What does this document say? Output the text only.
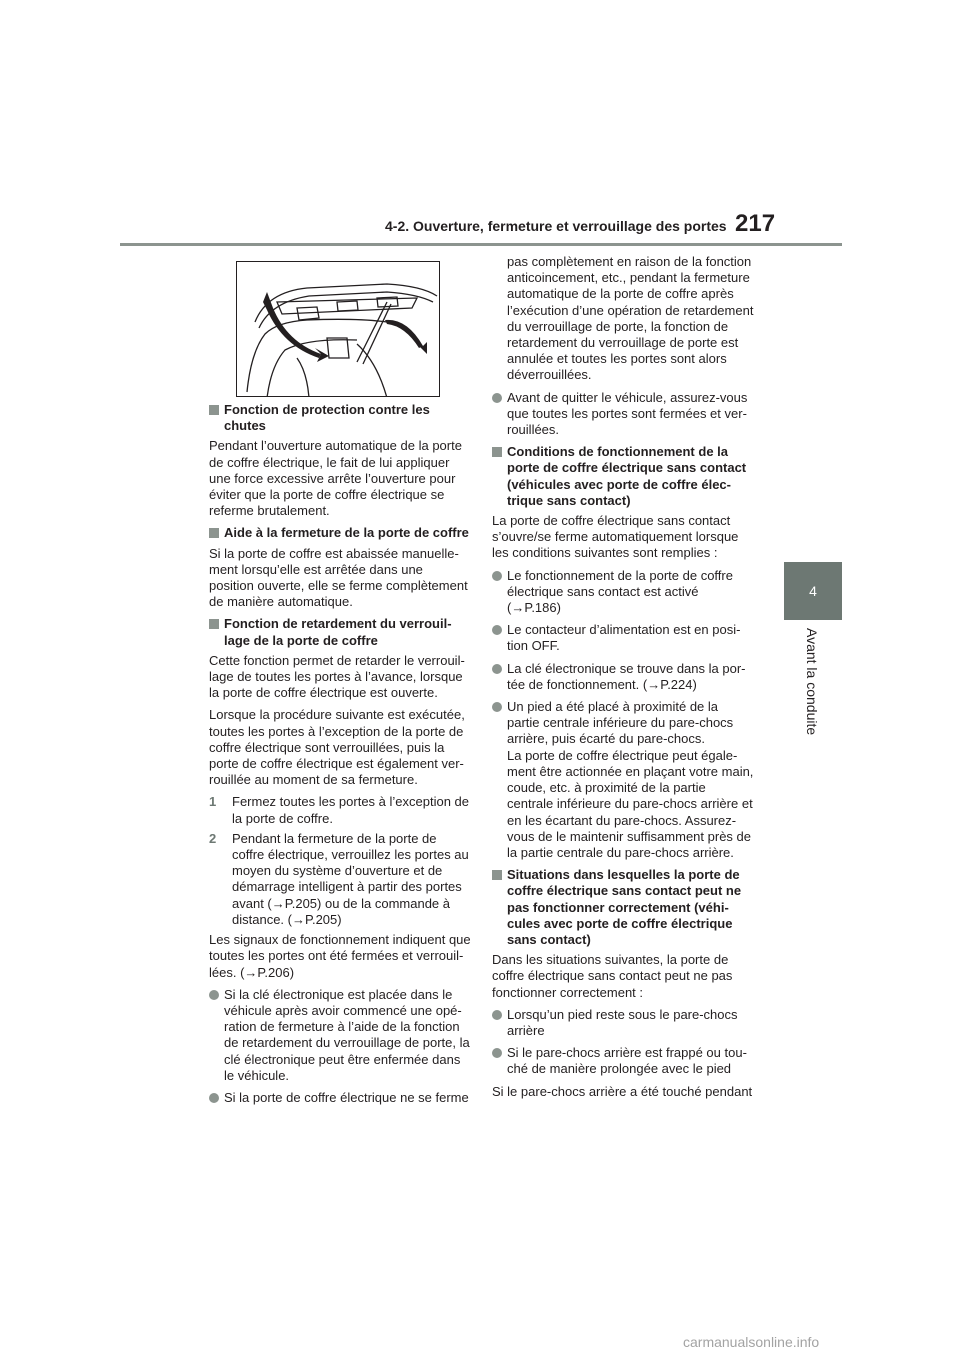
4-2. Ouverture, fermeture et verrouillage des portes 217
4
Avant la conduite
Fonction de protection contre les chutes

Pendant l’ouverture automatique de la porte de coffre électrique, le fait de lui appliquer une force excessive arrête l’ouverture pour éviter que la porte de coffre électrique se referme brutalement.

Aide à la fermeture de la porte de coffre

Si la porte de coffre est abaissée manuelle-ment lorsqu’elle est arrêtée dans une position ouverte, elle se ferme complètement de manière automatique.

Fonction de retardement du verrouil-lage de la porte de coffre

Cette fonction permet de retarder le verrouil-lage de toutes les portes à l’avance, lorsque la porte de coffre électrique est ouverte.

Lorsque la procédure suivante est exécutée, toutes les portes à l’exception de la porte de coffre électrique sont verrouillées, puis la porte de coffre électrique est également ver-rouillée au moment de sa fermeture.

1 Fermez toutes les portes à l’exception de la porte de coffre.
2 Pendant la fermeture de la porte de coffre électrique, verrouillez les portes au moyen du système d’ouverture et de démarrage intelligent à partir des portes avant (→P.205) ou de la commande à distance. (→P.205)

Les signaux de fonctionnement indiquent que toutes les portes ont été fermées et verrouil-lées. (→P.206)

Si la clé électronique est placée dans le véhicule après avoir commencé une opé-ration de fermeture à l’aide de la fonction de retardement du verrouillage de porte, la clé électronique peut être enfermée dans le véhicule.
Si la porte de coffre électrique ne se ferme

pas complètement en raison de la fonction anticoincement, etc., pendant la fermeture automatique de la porte de coffre après l’exécution d’une opération de retardement du verrouillage de porte, la fonction de retardement du verrouillage de porte est annulée et toutes les portes sont alors déverrouillées.

Avant de quitter le véhicule, assurez-vous que toutes les portes sont fermées et ver-rouillées.
Conditions de fonctionnement de la porte de coffre électrique sans contact (véhicules avec porte de coffre élec-trique sans contact)

La porte de coffre électrique sans contact s’ouvre/se ferme automatiquement lorsque les conditions suivantes sont remplies :

Le fonctionnement de la porte de coffre électrique sans contact est activé (→P.186)
Le contacteur d’alimentation est en posi-tion OFF.
La clé électronique se trouve dans la por-tée de fonctionnement. (→P.224)
Un pied a été placé à proximité de la partie centrale inférieure du pare-chocs arrière, puis écarté du pare-chocs.
La porte de coffre électrique peut égale-ment être actionnée en plaçant votre main, coude, etc. à proximité de la partie centrale inférieure du pare-chocs arrière et en les écartant du pare-chocs. Assurez-vous de le maintenir suffisamment près de la partie centrale du pare-chocs arrière.
Situations dans lesquelles la porte de coffre électrique sans contact peut ne pas fonctionner correctement (véhi-cules avec porte de coffre électrique sans contact)

Dans les situations suivantes, la porte de coffre électrique sans contact peut ne pas fonctionner correctement :

Lorsqu’un pied reste sous le pare-chocs arrière
Si le pare-chocs arrière est frappé ou tou-ché de manière prolongée avec le pied

Si le pare-chocs arrière a été touché pendant

carmanualsonline.info
